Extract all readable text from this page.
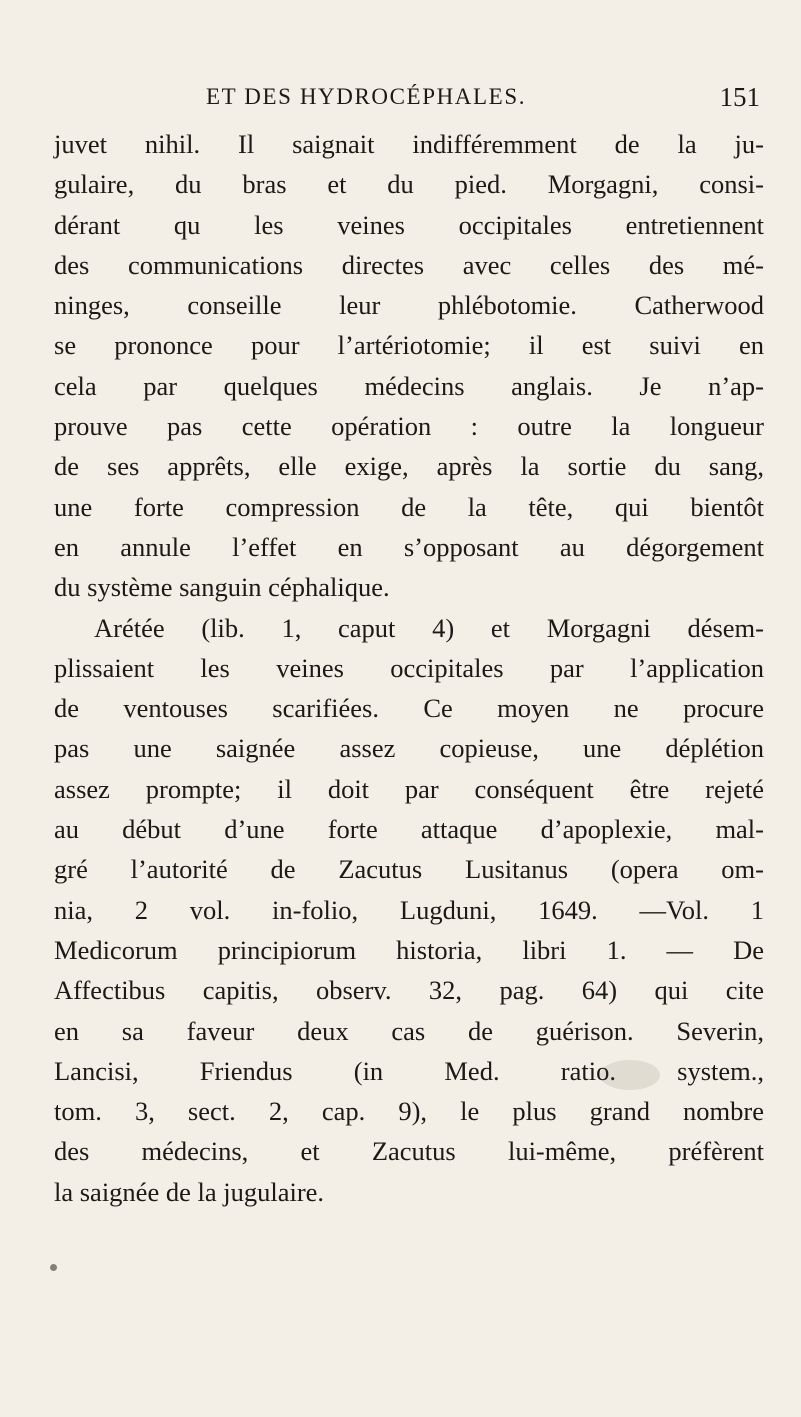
ET DES HYDROCÉPHALES.	151
juvet nihil. Il saignait indifféremment de la ju-
gulaire, du bras et du pied. Morgagni, consi-
dérant qu les veines occipitales entretiennent
des communications directes avec celles des mé-
ninges, conseille leur phlébotomie. Catherwood
se prononce pour l’artériotomie; il est suivi en
cela par quelques médecins anglais. Je n’ap-
prouve pas cette opération : outre la longueur
de ses apprêts, elle exige, après la sortie du sang,
une forte compression de la tête, qui bientôt
en annule l’effet en s’opposant au dégorgement
du système sanguin céphalique.
Arétée (lib. 1, caput 4) et Morgagni désem-
plissaient les veines occipitales par l’application
de ventouses scarifiées. Ce moyen ne procure
pas une saignée assez copieuse, une déplétion
assez prompte; il doit par conséquent être rejeté
au début d’une forte attaque d’apoplexie, mal-
gré l’autorité de Zacutus Lusitanus (opera om-
nia, 2 vol. in-folio, Lugduni, 1649. —Vol. 1
Medicorum principiorum historia, libri 1. — De
Affectibus capitis, observ. 32, pag. 64) qui cite
en sa faveur deux cas de guérison. Severin,
Lancisi, Friendus (in Med. ratio. system.,
tom. 3, sect. 2, cap. 9), le plus grand nombre
des médecins, et Zacutus lui-même, préfèrent
la saignée de la jugulaire.
